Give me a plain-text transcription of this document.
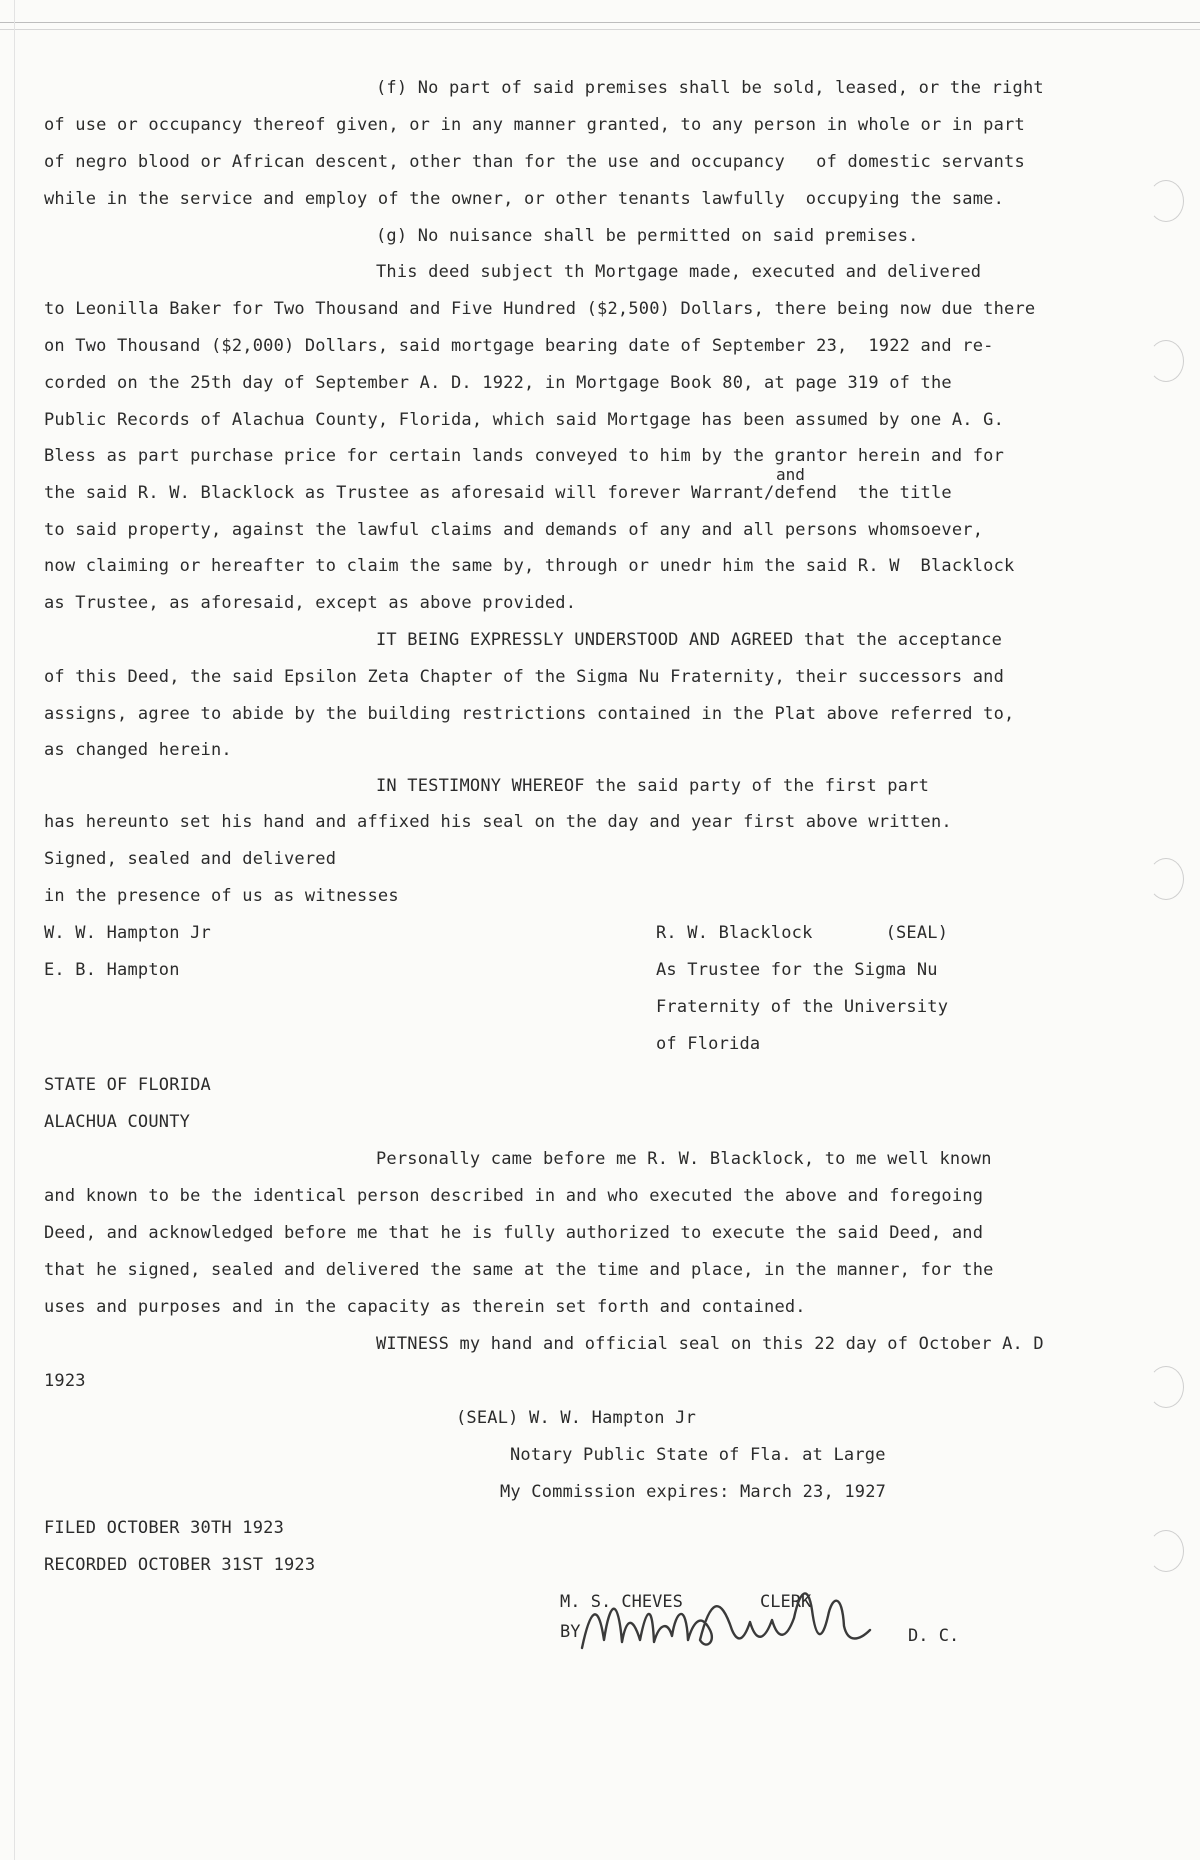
(f) No part of said premises shall be sold, leased, or the right
of use or occupancy thereof given, or in any manner granted, to any person in whole or in part
of negro blood or African descent, other than for the use and occupancy   of domestic servants
while in the service and employ of the owner, or other tenants lawfully  occupying the same.
(g) No nuisance shall be permitted on said premises.
This deed subject th Mortgage made, executed and delivered
to Leonilla Baker for Two Thousand and Five Hundred ($2,500) Dollars, there being now due there
on Two Thousand ($2,000) Dollars, said mortgage bearing date of September 23,  1922 and re-
corded on the 25th day of September A. D. 1922, in Mortgage Book 80, at page 319 of the
Public Records of Alachua County, Florida, which said Mortgage has been assumed by one A. G.
Bless as part purchase price for certain lands conveyed to him by the grantor herein and for
and
the said R. W. Blacklock as Trustee as aforesaid will forever Warrant/defend  the title
to said property, against the lawful claims and demands of any and all persons whomsoever,
now claiming or hereafter to claim the same by, through or unedr him the said R. W  Blacklock
as Trustee, as aforesaid, except as above provided.
IT BEING EXPRESSLY UNDERSTOOD AND AGREED that the acceptance
of this Deed, the said Epsilon Zeta Chapter of the Sigma Nu Fraternity, their successors and
assigns, agree to abide by the building restrictions contained in the Plat above referred to,
as changed herein.
IN TESTIMONY WHEREOF the said party of the first part
has hereunto set his hand and affixed his seal on the day and year first above written.
Signed, sealed and delivered
in the presence of us as witnesses
W. W. Hampton Jr
E. B. Hampton
R. W. Blacklock       (SEAL)
As Trustee for the Sigma Nu
Fraternity of the University
of Florida
STATE OF FLORIDA
ALACHUA COUNTY
Personally came before me R. W. Blacklock, to me well known
and known to be the identical person described in and who executed the above and foregoing
Deed, and acknowledged before me that he is fully authorized to execute the said Deed, and
that he signed, sealed and delivered the same at the time and place, in the manner, for the
uses and purposes and in the capacity as therein set forth and contained.
WITNESS my hand and official seal on this 22 day of October A. D
1923
(SEAL) W. W. Hampton Jr
Notary Public State of Fla. at Large
My Commission expires: March 23, 1927
FILED OCTOBER 30TH 1923
RECORDED OCTOBER 31ST 1923
M. S. CHEVES	CLERK
BY	D. C.
